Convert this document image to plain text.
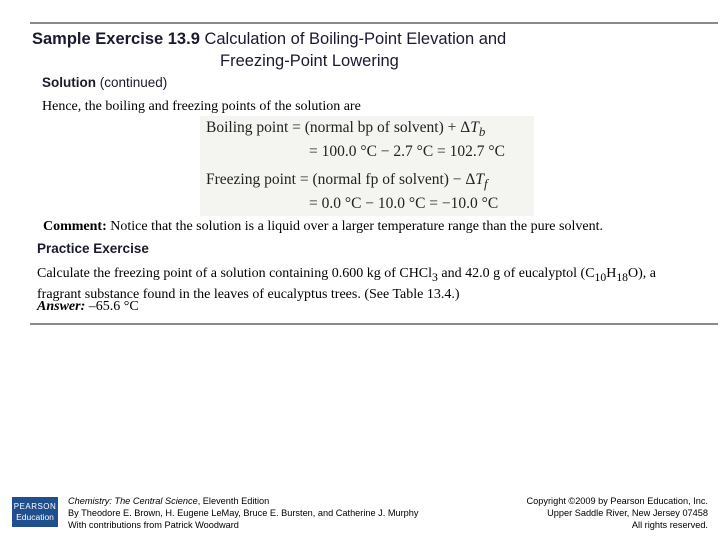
Sample Exercise 13.9 Calculation of Boiling-Point Elevation and
Freezing-Point Lowering
Solution (continued)
Hence, the boiling and freezing points of the solution are
Boiling point = (normal bp of solvent) + $\Delta T_b$
= 100.0 °C − 2.7 °C = 102.7 °C
Freezing point = (normal fp of solvent) − $\Delta T_f$
= 0.0 °C − 10.0 °C = −10.0 °C
Comment: Notice that the solution is a liquid over a larger temperature range than the pure solvent.
Practice Exercise
Calculate the freezing point of a solution containing 0.600 kg of CHCl$_3$ and 42.0 g of eucalyptol $(C_{10}H_{18}O)$, a fragrant substance found in the leaves of eucalyptus trees. (See Table 13.4.)
Answer: –65.6 °C
PEARSON
Education
Chemistry: The Central Science, Eleventh Edition
By Theodore E. Brown, H. Eugene LeMay, Bruce E. Bursten, and Catherine J. Murphy
With contributions from Patrick Woodward
Copyright ©2009 by Pearson Education, Inc.
Upper Saddle River, New Jersey 07458
All rights reserved.
